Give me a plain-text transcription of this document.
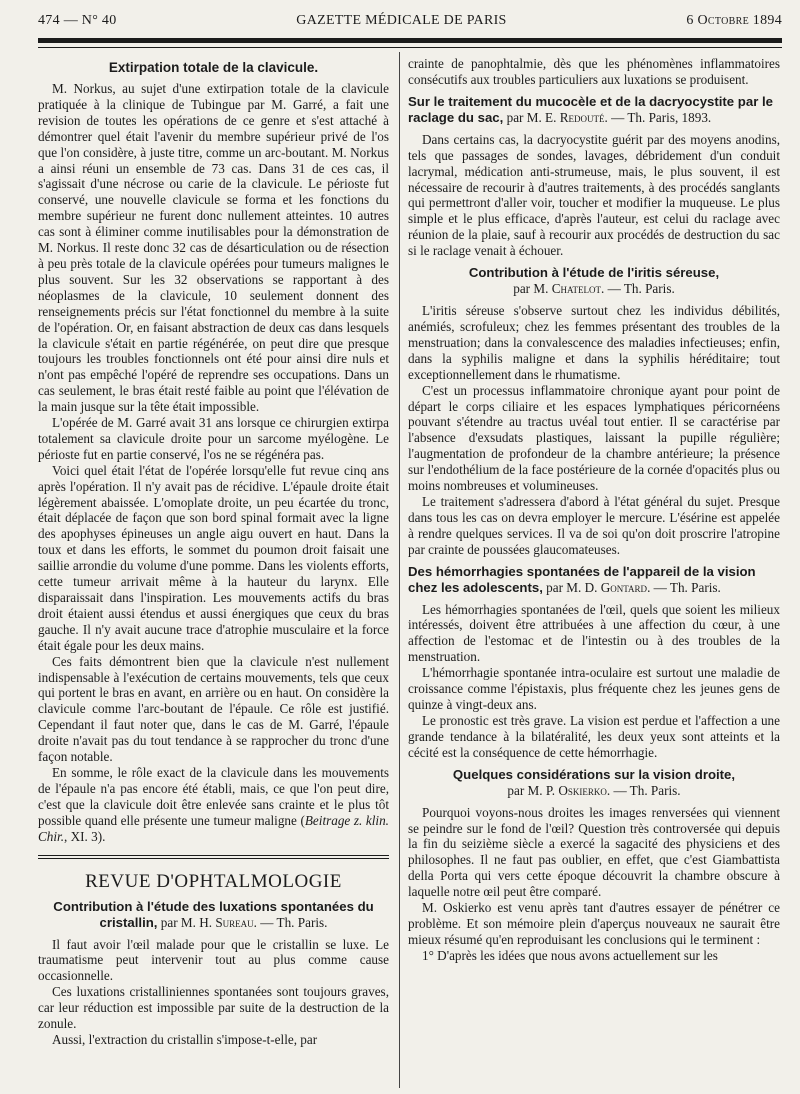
474 — N° 40	GAZETTE MÉDICALE DE PARIS	6 Octobre 1894
Extirpation totale de la clavicule.

M. Norkus, au sujet d'une extirpation totale de la clavicule pratiquée à la clinique de Tubingue par M. Garré, a fait une revision de toutes les opérations de ce genre et s'est attaché à démontrer quel était l'avenir du membre supérieur privé de l'os que l'on considère, à juste titre, comme un arc-boutant. M. Norkus a ainsi réuni un ensemble de 73 cas. Dans 31 de ces cas, il s'agissait d'une nécrose ou carie de la clavicule. Le périoste fut conservé, une nouvelle clavicule se forma et les fonctions du membre supérieur ne furent donc nullement atteintes. 10 autres cas sont à éliminer comme inutilisables pour la démonstration de M. Norkus. Il reste donc 32 cas de désarticulation ou de résection à peu près totale de la clavicule opérées pour tumeurs malignes le plus souvent. Sur les 32 observations se rapportant à des néoplasmes de la clavicule, 10 seulement donnent des renseignements précis sur l'état fonctionnel du membre à la suite de l'opération. Or, en faisant abstraction de deux cas dans lesquels la clavicule s'était en partie régénérée, on peut dire que presque toujours les troubles fonctionnels ont été pour ainsi dire nuls et n'ont pas empêché l'opéré de reprendre ses occupations. Dans un cas seulement, le bras était resté faible au point que l'élévation de la main jusque sur la tête était impossible.

L'opérée de M. Garré avait 31 ans lorsque ce chirurgien extirpa totalement sa clavicule droite pour un sarcome myélogène. Le périoste fut en partie conservé, l'os ne se régénéra pas.

Voici quel était l'état de l'opérée lorsqu'elle fut revue cinq ans après l'opération. Il n'y avait pas de récidive. L'épaule droite était légèrement abaissée. L'omoplate droite, un peu écartée du tronc, était déplacée de façon que son bord spinal formait avec la ligne des apophyses épineuses un angle aigu ouvert en haut. Dans la toux et dans les efforts, le sommet du poumon droit faisait une saillie arrondie du volume d'une pomme. Dans les violents efforts, cette tumeur arrivait même à la hauteur du larynx. Elle disparaissait dans l'inspiration. Les mouvements actifs du bras droit étaient aussi étendus et aussi énergiques que ceux du bras gauche. Il n'y avait aucune trace d'atrophie musculaire et la force était égale pour les deux mains.

Ces faits démontrent bien que la clavicule n'est nullement indispensable à l'exécution de certains mouvements, tels que ceux qui portent le bras en avant, en arrière ou en haut. On considère la clavicule comme l'arc-boutant de l'épaule. Ce rôle est justifié. Cependant il faut noter que, dans le cas de M. Garré, l'épaule droite n'avait pas du tout tendance à se rapprocher du tronc d'une façon notable.

En somme, le rôle exact de la clavicule dans les mouvements de l'épaule n'a pas encore été établi, mais, ce que l'on peut dire, c'est que la clavicule doit être enlevée sans crainte et le plus tôt possible quand elle présente une tumeur maligne (Beitrage z. klin. Chir., XI. 3).

REVUE D'OPHTALMOLOGIE
Contribution à l'étude des luxations spontanées du cristallin, par M. H. Sureau. — Th. Paris.

Il faut avoir l'œil malade pour que le cristallin se luxe. Le traumatisme peut intervenir tout au plus comme cause occasionnelle.

Ces luxations cristalliniennes spontanées sont toujours graves, car leur réduction est impossible par suite de la destruction de la zonule.

Aussi, l'extraction du cristallin s'impose-t-elle, par

crainte de panophtalmie, dès que les phénomènes inflammatoires consécutifs aux troubles particuliers aux luxations se produisent.

Sur le traitement du mucocèle et de la dacryocystite par le raclage du sac, par M. E. Redouté. — Th. Paris, 1893.

Dans certains cas, la dacryocystite guérit par des moyens anodins, tels que passages de sondes, lavages, débridement d'un conduit lacrymal, médication anti-strumeuse, mais, le plus souvent, il est nécessaire de recourir à d'autres traitements, à des procédés sanglants qui permettront d'aller voir, toucher et modifier la muqueuse. Le plus simple et le plus efficace, d'après l'auteur, est celui du raclage avec réunion de la plaie, sauf à recourir aux procédés de destruction du sac si le raclage venait à échouer.

Contribution à l'étude de l'iritis séreuse,
par M. Chatelot. — Th. Paris.

L'iritis séreuse s'observe surtout chez les individus débilités, anémiés, scrofuleux; chez les femmes présentant des troubles de la menstruation; dans la convalescence des maladies infectieuses; enfin, dans la syphilis maligne et dans la syphilis héréditaire; tout exceptionnellement dans le rhumatisme.

C'est un processus inflammatoire chronique ayant pour point de départ le corps ciliaire et les espaces lymphatiques péricornéens pouvant s'étendre au tractus uvéal tout entier. Il se caractérise par l'absence d'exsudats plastiques, laissant la pupille régulière; l'augmentation de profondeur de la chambre antérieure; la présence sur l'endothélium de la face postérieure de la cornée d'opacités plus ou moins nombreuses et volumineuses.

Le traitement s'adressera d'abord à l'état général du sujet. Presque dans tous les cas on devra employer le mercure. L'ésérine est appelée à rendre quelques services. Il va de soi qu'on doit proscrire l'atropine par crainte de poussées glaucomateuses.

Des hémorrhagies spontanées de l'appareil de la vision chez les adolescents, par M. D. Gontard. — Th. Paris.

Les hémorrhagies spontanées de l'œil, quels que soient les milieux intéressés, doivent être attribuées à une affection du cœur, à une affection de l'estomac et de l'intestin ou à des troubles de la menstruation.

L'hémorrhagie spontanée intra-oculaire est surtout une maladie de croissance comme l'épistaxis, plus fréquente chez les jeunes gens de quinze à vingt-deux ans.

Le pronostic est très grave. La vision est perdue et l'affection a une grande tendance à la bilatéralité, les deux yeux sont atteints et la cécité est la conséquence de cette hémorrhagie.

Quelques considérations sur la vision droite,
par M. P. Oskierko. — Th. Paris.

Pourquoi voyons-nous droites les images renversées qui viennent se peindre sur le fond de l'œil? Question très controversée qui depuis la fin du seizième siècle a exercé la sagacité des physiciens et des philosophes. Il ne faut pas oublier, en effet, que c'est Giambattista della Porta qui vers cette époque découvrit la chambre obscure à laquelle notre œil peut être comparé.

M. Oskierko est venu après tant d'autres essayer de pénétrer ce problème. Et son mémoire plein d'aperçus nouveaux ne saurait être mieux résumé qu'en reproduisant les conclusions qui le terminent :

1° D'après les idées que nous avons actuellement sur les
